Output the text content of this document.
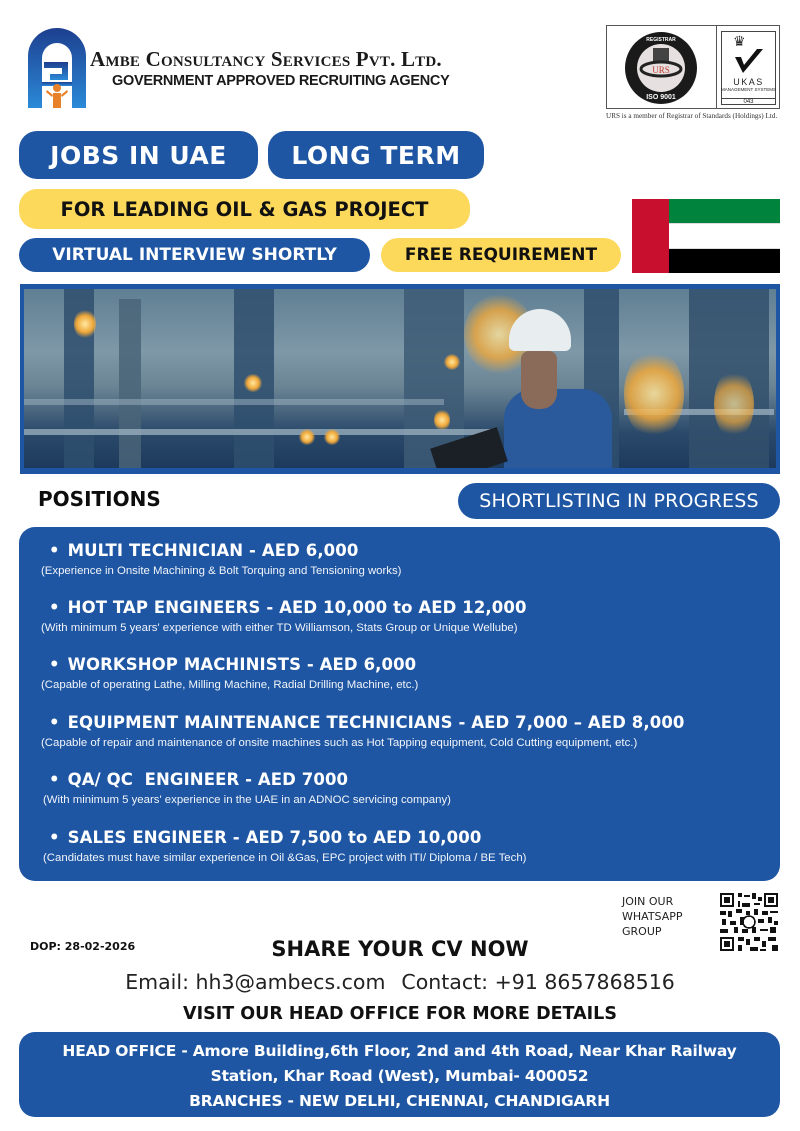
Ambe Consultancy Services Pvt. Ltd.
GOVERNMENT APPROVED RECRUITING AGENCY
URS
ISO 9001
REGISTRAR	♛
UKAS
MANAGEMENT SYSTEMS
043
URS is a member of Registrar of Standards (Holdings) Ltd.
JOBS IN UAE	LONG TERM
FOR LEADING OIL & GAS PROJECT
VIRTUAL INTERVIEW SHORTLY	FREE REQUIREMENT
POSITIONS	SHORTLISTING IN PROGRESS
• MULTI TECHNICIAN - AED 6,000
(Experience in Onsite Machining & Bolt Torquing and Tensioning works)
• HOT TAP ENGINEERS - AED 10,000 to AED 12,000
(With minimum 5 years' experience with either TD Williamson, Stats Group or Unique Wellube)
• WORKSHOP MACHINISTS - AED 6,000
(Capable of operating Lathe, Milling Machine, Radial Drilling Machine, etc.)
• EQUIPMENT MAINTENANCE TECHNICIANS - AED 7,000 – AED 8,000
(Capable of repair and maintenance of onsite machines such as Hot Tapping equipment, Cold Cutting equipment, etc.)
• QA/ QC  ENGINEER - AED 7000
(With minimum 5 years' experience in the UAE in an ADNOC servicing company)
• SALES ENGINEER - AED 7,500 to AED 10,000
(Candidates must have similar experience in Oil &Gas, EPC project with ITI/ Diploma / BE Tech)
DOP: 28-02-2026
JOIN OUR
WHATSAPP
GROUP
SHARE YOUR CV NOW
Email: hh3@ambecs.com Contact: +91 8657868516
VISIT OUR HEAD OFFICE FOR MORE DETAILS
HEAD OFFICE - Amore Building,6th Floor, 2nd and 4th Road, Near Khar Railway
Station, Khar Road (West), Mumbai- 400052
BRANCHES - NEW DELHI, CHENNAI, CHANDIGARH
